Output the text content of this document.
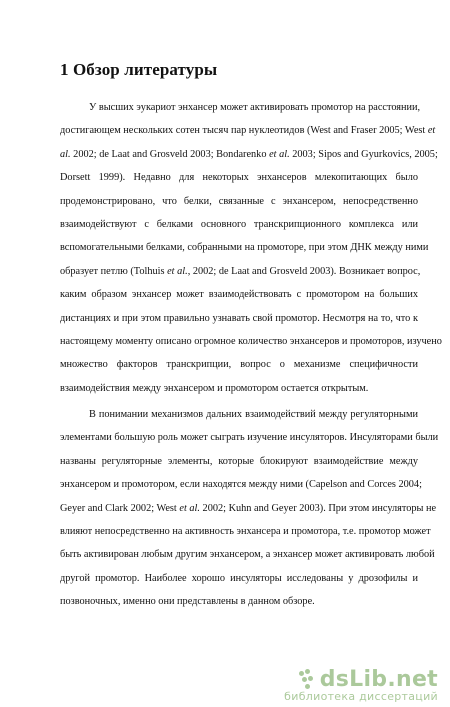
1 Обзор литературы
У высших эукариот энхансер может активировать промотор на расстоянии,
достигающем нескольких сотен тысяч пар нуклеотидов (West and Fraser 2005; West et
al. 2002; de Laat and Grosveld 2003; Bondarenko et al. 2003; Sipos and Gyurkovics, 2005;
Dorsett 1999). Недавно для некоторых энхансеров млекопитающих было
продемонстрировано, что белки, связанные с энхансером, непосредственно
взаимодействуют с белками основного транскрипционного комплекса или
вспомогательными белками, собранными на промоторе, при этом ДНК между ними
образует петлю (Tolhuis et al., 2002; de Laat and Grosveld 2003). Возникает вопрос,
каким образом энхансер может взаимодействовать с промотором на больших
дистанциях и при этом правильно узнавать свой промотор. Несмотря на то, что к
настоящему моменту описано огромное количество энхансеров и промоторов, изучено
множество факторов транскрипции, вопрос о механизме специфичности
взаимодействия между энхансером и промотором остается открытым.
В понимании механизмов дальних взаимодействий между регуляторными
элементами большую роль может сыграть изучение инсуляторов. Инсуляторами были
названы регуляторные элементы, которые блокируют взаимодействие между
энхансером и промотором, если находятся между ними (Capelson and Corces 2004;
Geyer and Clark 2002; West et al. 2002; Kuhn and Geyer 2003). При этом инсуляторы не
влияют непосредственно на активность энхансера и промотора, т.е. промотор может
быть активирован любым другим энхансером, а энхансер может активировать любой
другой промотор. Наиболее хорошо инсуляторы исследованы у дрозофилы и
позвоночных, именно они представлены в данном обзоре.
dsLib.net
библиотека диссертаций
